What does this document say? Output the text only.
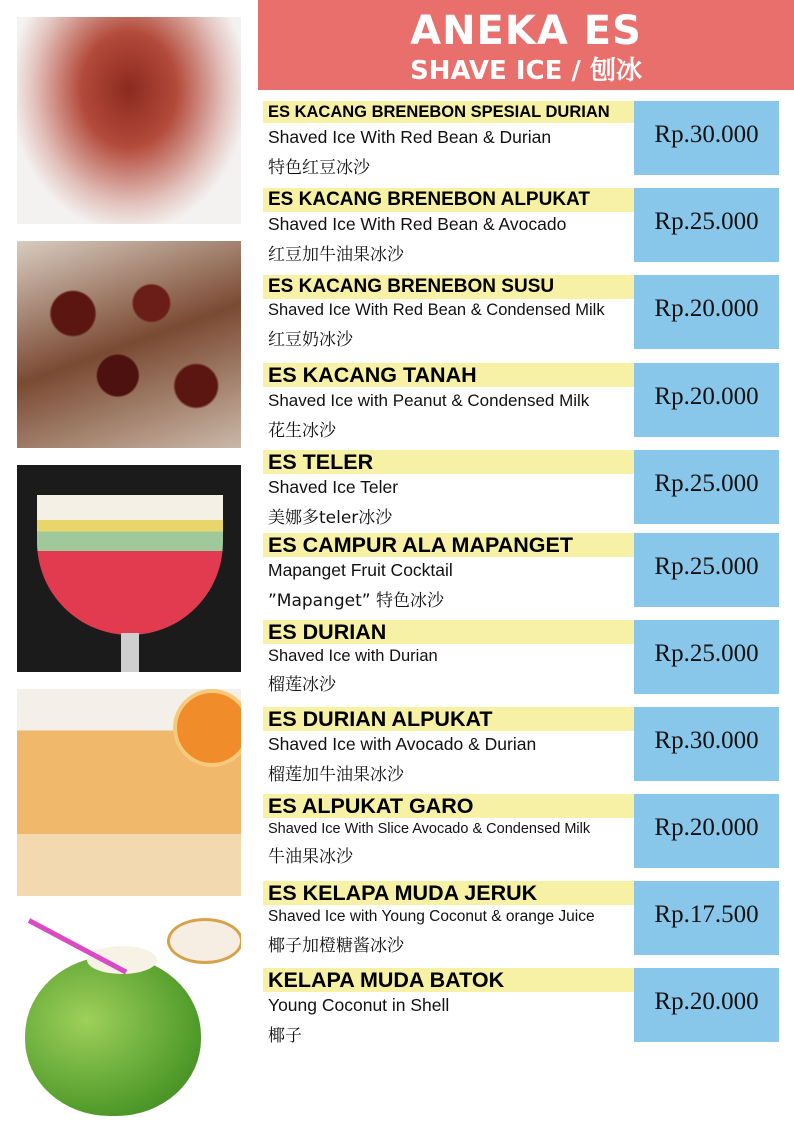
ANEKA ES
SHAVE ICE / 刨冰
ES KACANG BRENEBON SPESIAL DURIAN
Shaved Ice With Red Bean & Durian
特色红豆冰沙
Rp.30.000
ES KACANG BRENEBON ALPUKAT
Shaved Ice With Red Bean & Avocado
红豆加牛油果冰沙
Rp.25.000
ES KACANG BRENEBON SUSU
Shaved Ice With Red Bean & Condensed Milk
红豆奶冰沙
Rp.20.000
ES KACANG TANAH
Shaved Ice with Peanut & Condensed Milk
花生冰沙
Rp.20.000
ES TELER
Shaved Ice Teler
美娜多teler冰沙
Rp.25.000
ES CAMPUR ALA MAPANGET
Mapanget Fruit Cocktail
”Mapanget” 特色冰沙
Rp.25.000
ES DURIAN
Shaved Ice with Durian
榴莲冰沙
Rp.25.000
ES DURIAN ALPUKAT
Shaved Ice with Avocado & Durian
榴莲加牛油果冰沙
Rp.30.000
ES ALPUKAT GARO
Shaved Ice With Slice Avocado & Condensed Milk
牛油果冰沙
Rp.20.000
ES KELAPA MUDA JERUK
Shaved Ice with Young Coconut & orange Juice
椰子加橙糖酱冰沙
Rp.17.500
KELAPA MUDA BATOK
Young Coconut in Shell
椰子
Rp.20.000
